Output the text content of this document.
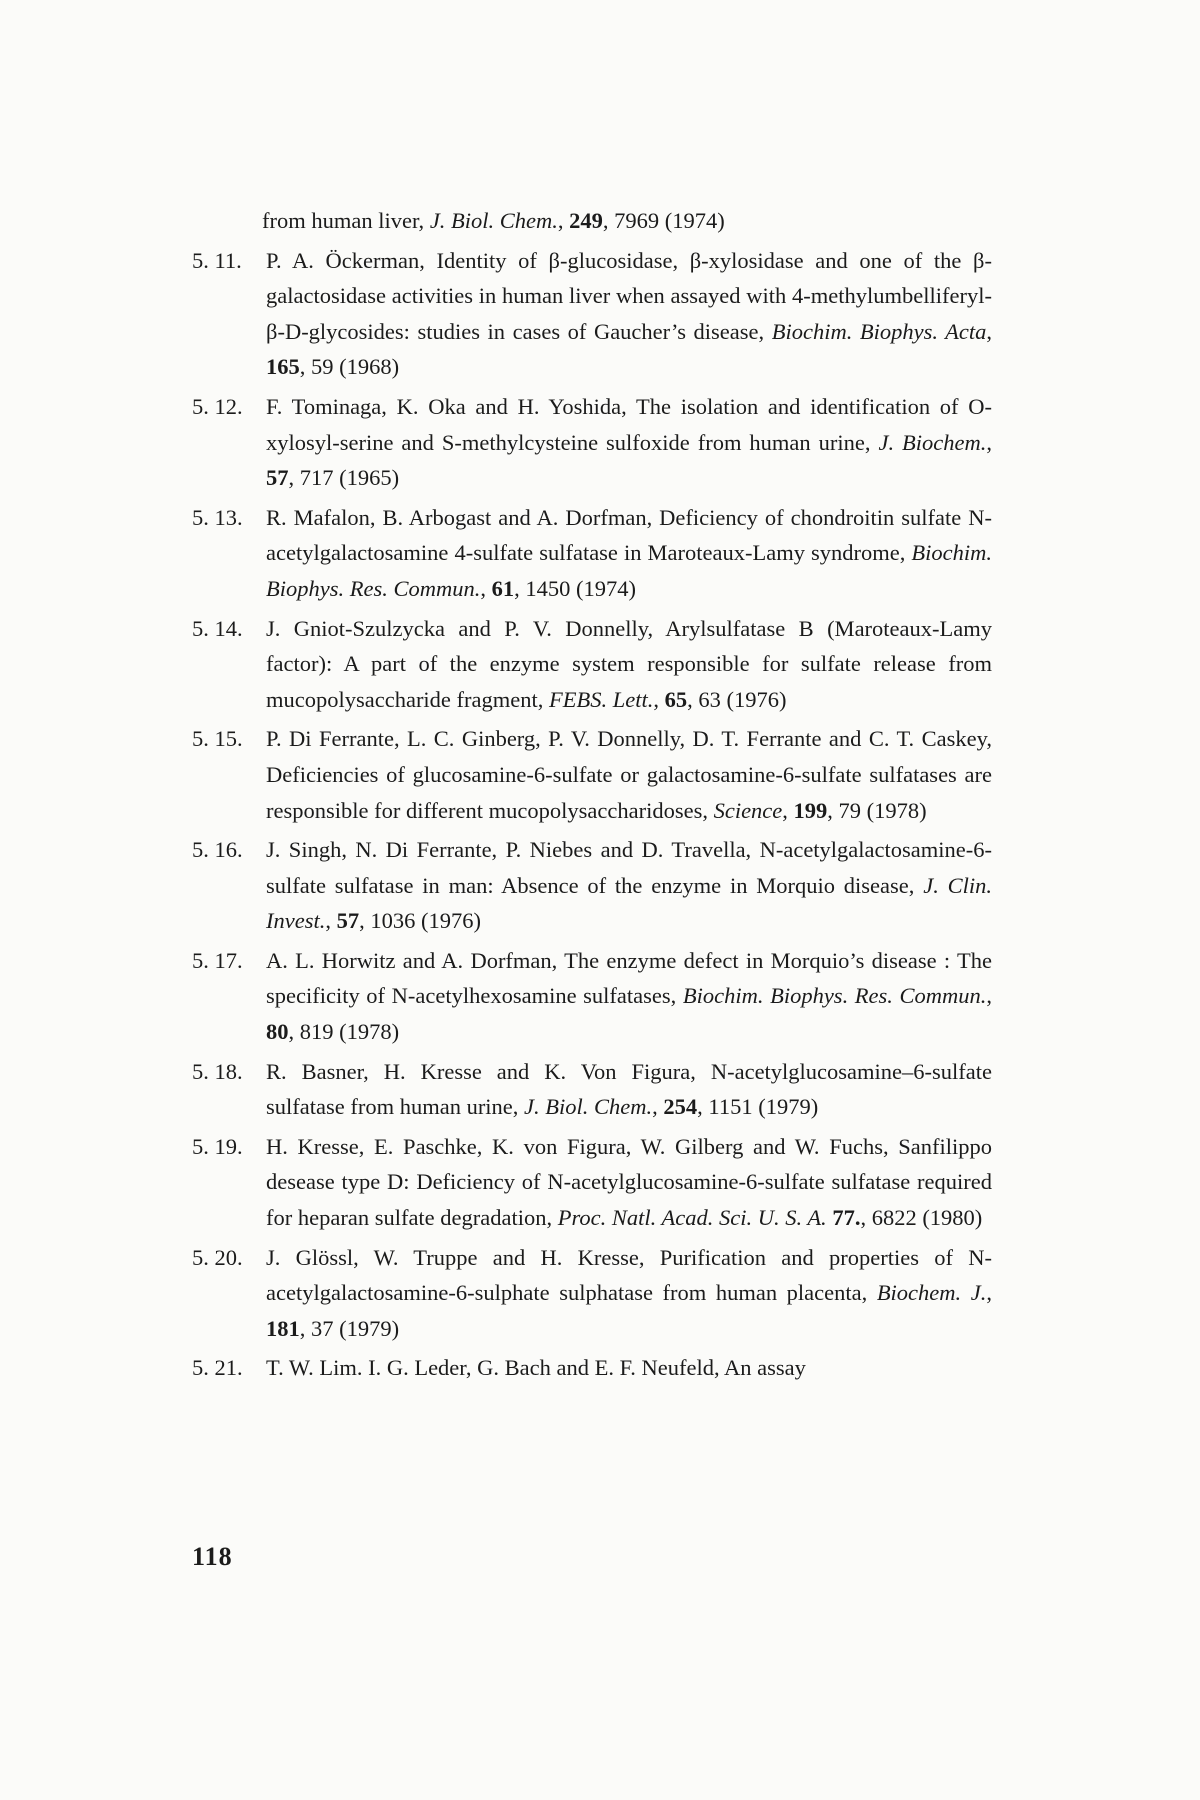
from human liver, J. Biol. Chem., 249, 7969 (1974)
5. 11.	P. A. Öckerman, Identity of β-glucosidase, β-xylosidase and one of the β-galactosidase activities in human liver when assayed with 4-methylumbelliferyl-β-D-glycosides: studies in cases of Gaucher’s disease, Biochim. Biophys. Acta, 165, 59 (1968)
5. 12.	F. Tominaga, K. Oka and H. Yoshida, The isolation and identification of O-xylosyl-serine and S-methylcysteine sulfoxide from human urine, J. Biochem., 57, 717 (1965)
5. 13.	R. Mafalon, B. Arbogast and A. Dorfman, Deficiency of chondroitin sulfate N-acetylgalactosamine 4-sulfate sulfatase in Maroteaux-Lamy syndrome, Biochim. Biophys. Res. Commun., 61, 1450 (1974)
5. 14.	J. Gniot-Szulzycka and P. V. Donnelly, Arylsulfatase B (Maroteaux-Lamy factor): A part of the enzyme system responsible for sulfate release from mucopolysaccharide fragment, FEBS. Lett., 65, 63 (1976)
5. 15.	P. Di Ferrante, L. C. Ginberg, P. V. Donnelly, D. T. Ferrante and C. T. Caskey, Deficiencies of glucosamine-6-sulfate or galactosamine-6-sulfate sulfatases are responsible for different mucopolysaccharidoses, Science, 199, 79 (1978)
5. 16.	J. Singh, N. Di Ferrante, P. Niebes and D. Travella, N-acetylgalactosamine-6-sulfate sulfatase in man: Absence of the enzyme in Morquio disease, J. Clin. Invest., 57, 1036 (1976)
5. 17.	A. L. Horwitz and A. Dorfman, The enzyme defect in Morquio’s disease : The specificity of N-acetylhexosamine sulfatases, Biochim. Biophys. Res. Commun., 80, 819 (1978)
5. 18.	R. Basner, H. Kresse and K. Von Figura, N-acetylglucosamine–6-sulfate sulfatase from human urine, J. Biol. Chem., 254, 1151 (1979)
5. 19.	H. Kresse, E. Paschke, K. von Figura, W. Gilberg and W. Fuchs, Sanfilippo desease type D: Deficiency of N-acetylglucosamine-6-sulfate sulfatase required for heparan sulfate degradation, Proc. Natl. Acad. Sci. U. S. A. 77., 6822 (1980)
5. 20.	J. Glössl, W. Truppe and H. Kresse, Purification and properties of N-acetylgalactosamine-6-sulphate sulphatase from human placenta, Biochem. J., 181, 37 (1979)
5. 21.	T. W. Lim. I. G. Leder, G. Bach and E. F. Neufeld, An assay
118
